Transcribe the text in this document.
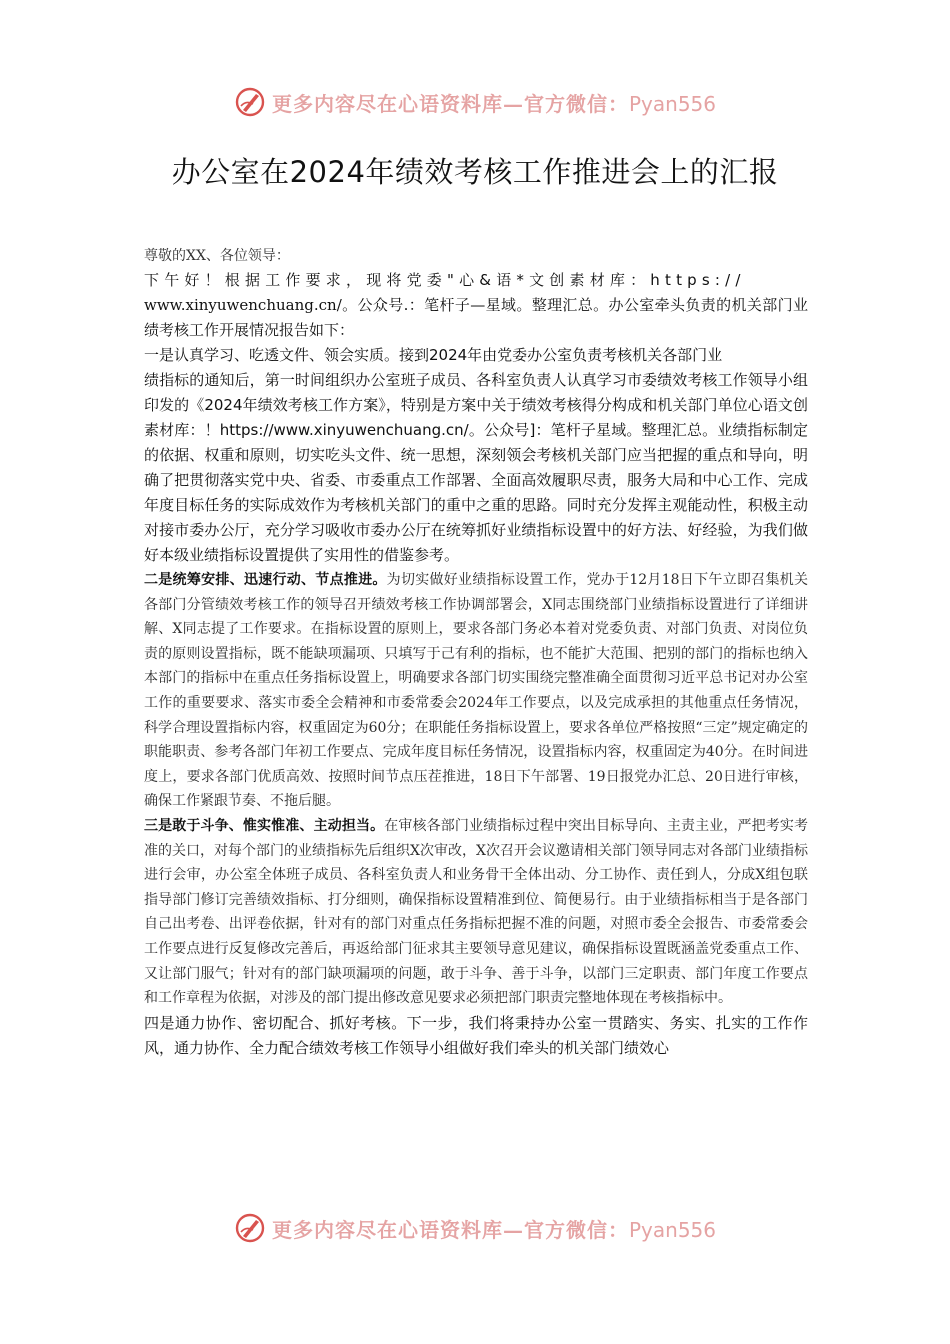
更多内容尽在心语资料库—官方微信：Pyan556
办公室在2024年绩效考核工作推进会上的汇报

尊敬的XX、各位领导：

下午好！根据工作要求，现将党委"心&语*文创素材库：https://
www.xinyuwenchuang.cn/。公众号.：笔杆子—星域。整理汇总。办公室牵头负责的机关部门业绩考核工作开展情况报告如下：

一是认真学习、吃透文件、领会实质。接到2024年由党委办公室负责考核机关各部门业
绩指标的通知后，第一时间组织办公室班子成员、各科室负责人认真学习市委绩效考核工作领导小组印发的《2024年绩效考核工作方案》，特别是方案中关于绩效考核得分构成和机关部门单位心语文创素材库：！https://www.xinyuwenchuang.cn/。公众号]：笔杆子星域。整理汇总。业绩指标制定的依据、权重和原则，切实吃头文件、统一思想，深刻领会考核机关部门应当把握的重点和导向，明确了把贯彻落实党中央、省委、市委重点工作部署、全面高效履职尽责，服务大局和中心工作、完成年度目标任务的实际成效作为考核机关部门的重中之重的思路。同时充分发挥主观能动性，积极主动对接市委办公厅，充分学习吸收市委办公厅在统筹抓好业绩指标设置中的好方法、好经验，为我们做好本级业绩指标设置提供了实用性的借鉴参考。

二是统筹安排、迅速行动、节点推进。为切实做好业绩指标设置工作，党办于12月18日下午立即召集机关各部门分管绩效考核工作的领导召开绩效考核工作协调部署会，X同志围绕部门业绩指标设置进行了详细讲解、X同志提了工作要求。在指标设置的原则上，要求各部门务必本着对党委负责、对部门负责、对岗位负责的原则设置指标，既不能缺项漏项、只填写于己有利的指标，也不能扩大范围、把别的部门的指标也纳入本部门的指标中在重点任务指标设置上，明确要求各部门切实围绕完整准确全面贯彻习近平总书记对办公室工作的重要要求、落实市委全会精神和市委常委会2024年工作要点，以及完成承担的其他重点任务情况，科学合理设置指标内容，权重固定为60分；在职能任务指标设置上，要求各单位严格按照“三定”规定确定的职能职责、参考各部门年初工作要点、完成年度目标任务情况，设置指标内容，权重固定为40分。在时间进度上，要求各部门优质高效、按照时间节点压茬推进，18日下午部署、19日报党办汇总、20日进行审核，确保工作紧跟节奏、不拖后腿。

三是敢于斗争、惟实惟准、主动担当。在审核各部门业绩指标过程中突出目标导向、主责主业，严把考实考准的关口，对每个部门的业绩指标先后组织X次审改，X次召开会议邀请相关部门领导同志对各部门业绩指标进行会审，办公室全体班子成员、各科室负责人和业务骨干全体出动、分工协作、责任到人，分成X组包联指导部门修订完善绩效指标、打分细则，确保指标设置精准到位、简便易行。由于业绩指标相当于是各部门自己出考卷、出评卷依据，针对有的部门对重点任务指标把握不准的问题，对照市委全会报告、市委常委会工作要点进行反复修改完善后，再返给部门征求其主要领导意见建议，确保指标设置既涵盖党委重点工作、又让部门服气；针对有的部门缺项漏项的问题，敢于斗争、善于斗争，以部门三定职责、部门年度工作要点和工作章程为依据，对涉及的部门提出修改意见要求必须把部门职责完整地体现在考核指标中。

四是通力协作、密切配合、抓好考核。下一步，我们将秉持办公室一贯踏实、务实、扎实的工作作风，通力协作、全力配合绩效考核工作领导小组做好我们牵头的机关部门绩效心

更多内容尽在心语资料库—官方微信：Pyan556
